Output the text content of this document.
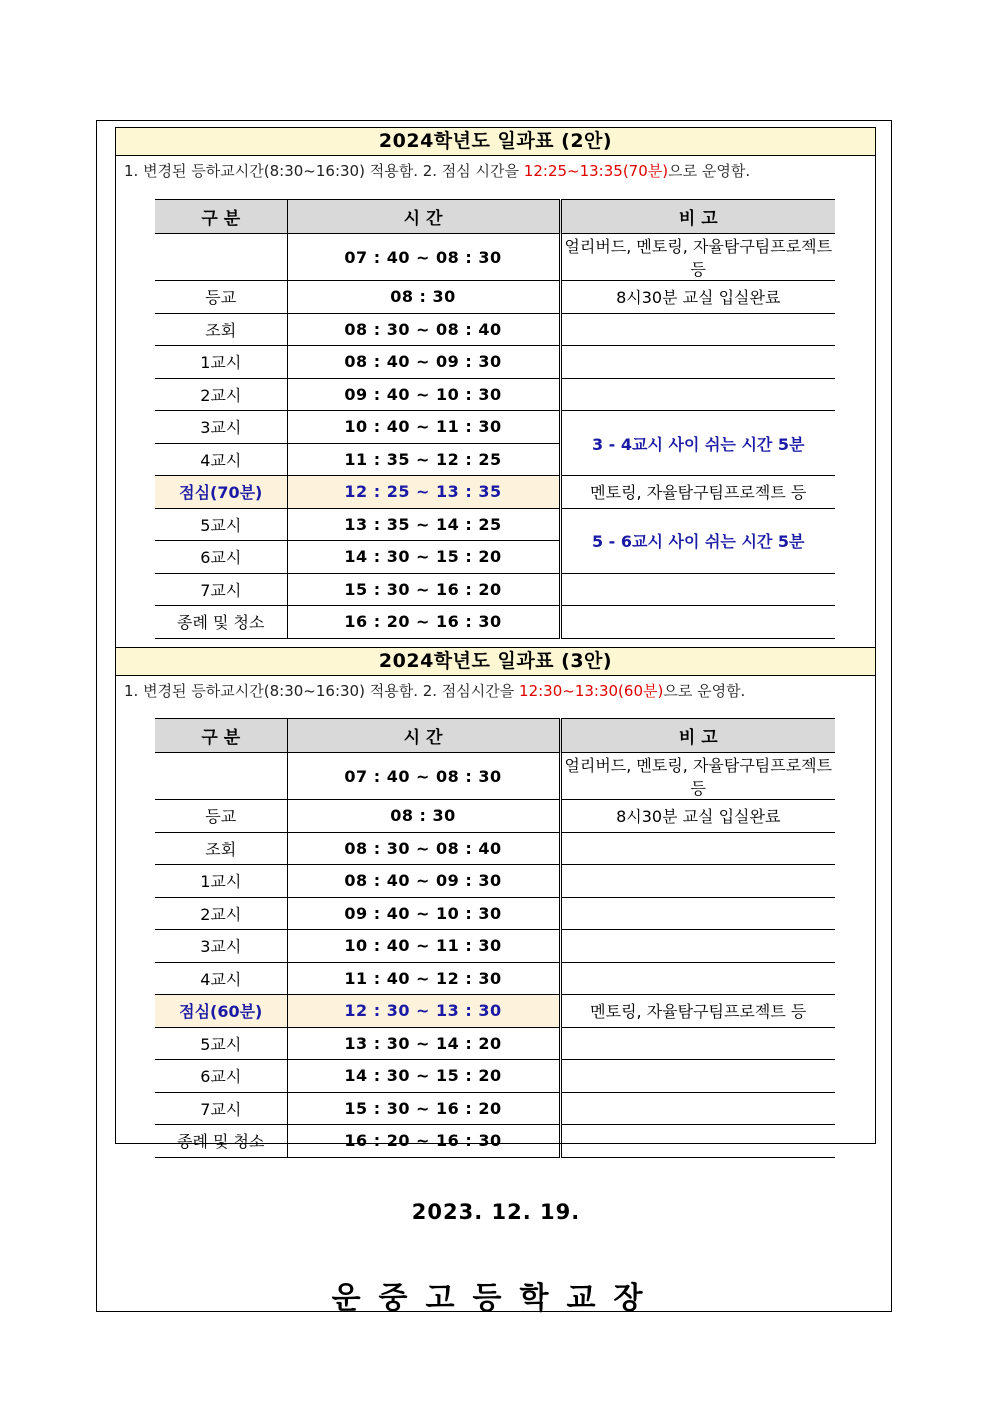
2024학년도 일과표 (2안)
1. 변경된 등하교시간(8:30~16:30) 적용함. 2. 점심 시간을 12:25~13:35(70분)으로 운영함.
구 분	시 간	비 고
	07 : 40 ~ 08 : 30	얼리버드, 멘토링, 자율탐구팀프로젝트 등
등교	08 : 30	8시30분 교실 입실완료
조회	08 : 30 ~ 08 : 40	
1교시	08 : 40 ~ 09 : 30	
2교시	09 : 40 ~ 10 : 30	
3교시	10 : 40 ~ 11 : 30	3 - 4교시 사이 쉬는 시간 5분
4교시	11 : 35 ~ 12 : 25	
점심(70분)	12 : 25 ~ 13 : 35	멘토링, 자율탐구팀프로젝트 등
5교시	13 : 35 ~ 14 : 25	5 - 6교시 사이 쉬는 시간 5분
6교시	14 : 30 ~ 15 : 20	
7교시	15 : 30 ~ 16 : 20	
종례 및 청소	16 : 20 ~ 16 : 30	
2024학년도 일과표 (3안)
1. 변경된 등하교시간(8:30~16:30) 적용함. 2. 점심시간을 12:30~13:30(60분)으로 운영함.
구 분	시 간	비 고
	07 : 40 ~ 08 : 30	얼리버드, 멘토링, 자율탐구팀프로젝트 등
등교	08 : 30	8시30분 교실 입실완료
조회	08 : 30 ~ 08 : 40	
1교시	08 : 40 ~ 09 : 30	
2교시	09 : 40 ~ 10 : 30	
3교시	10 : 40 ~ 11 : 30	
4교시	11 : 40 ~ 12 : 30	
점심(60분)	12 : 30 ~ 13 : 30	멘토링, 자율탐구팀프로젝트 등
5교시	13 : 30 ~ 14 : 20	
6교시	14 : 30 ~ 15 : 20	
7교시	15 : 30 ~ 16 : 20	
종례 및 청소	16 : 20 ~ 16 : 30	
2023. 12. 19.
운중고등학교장
